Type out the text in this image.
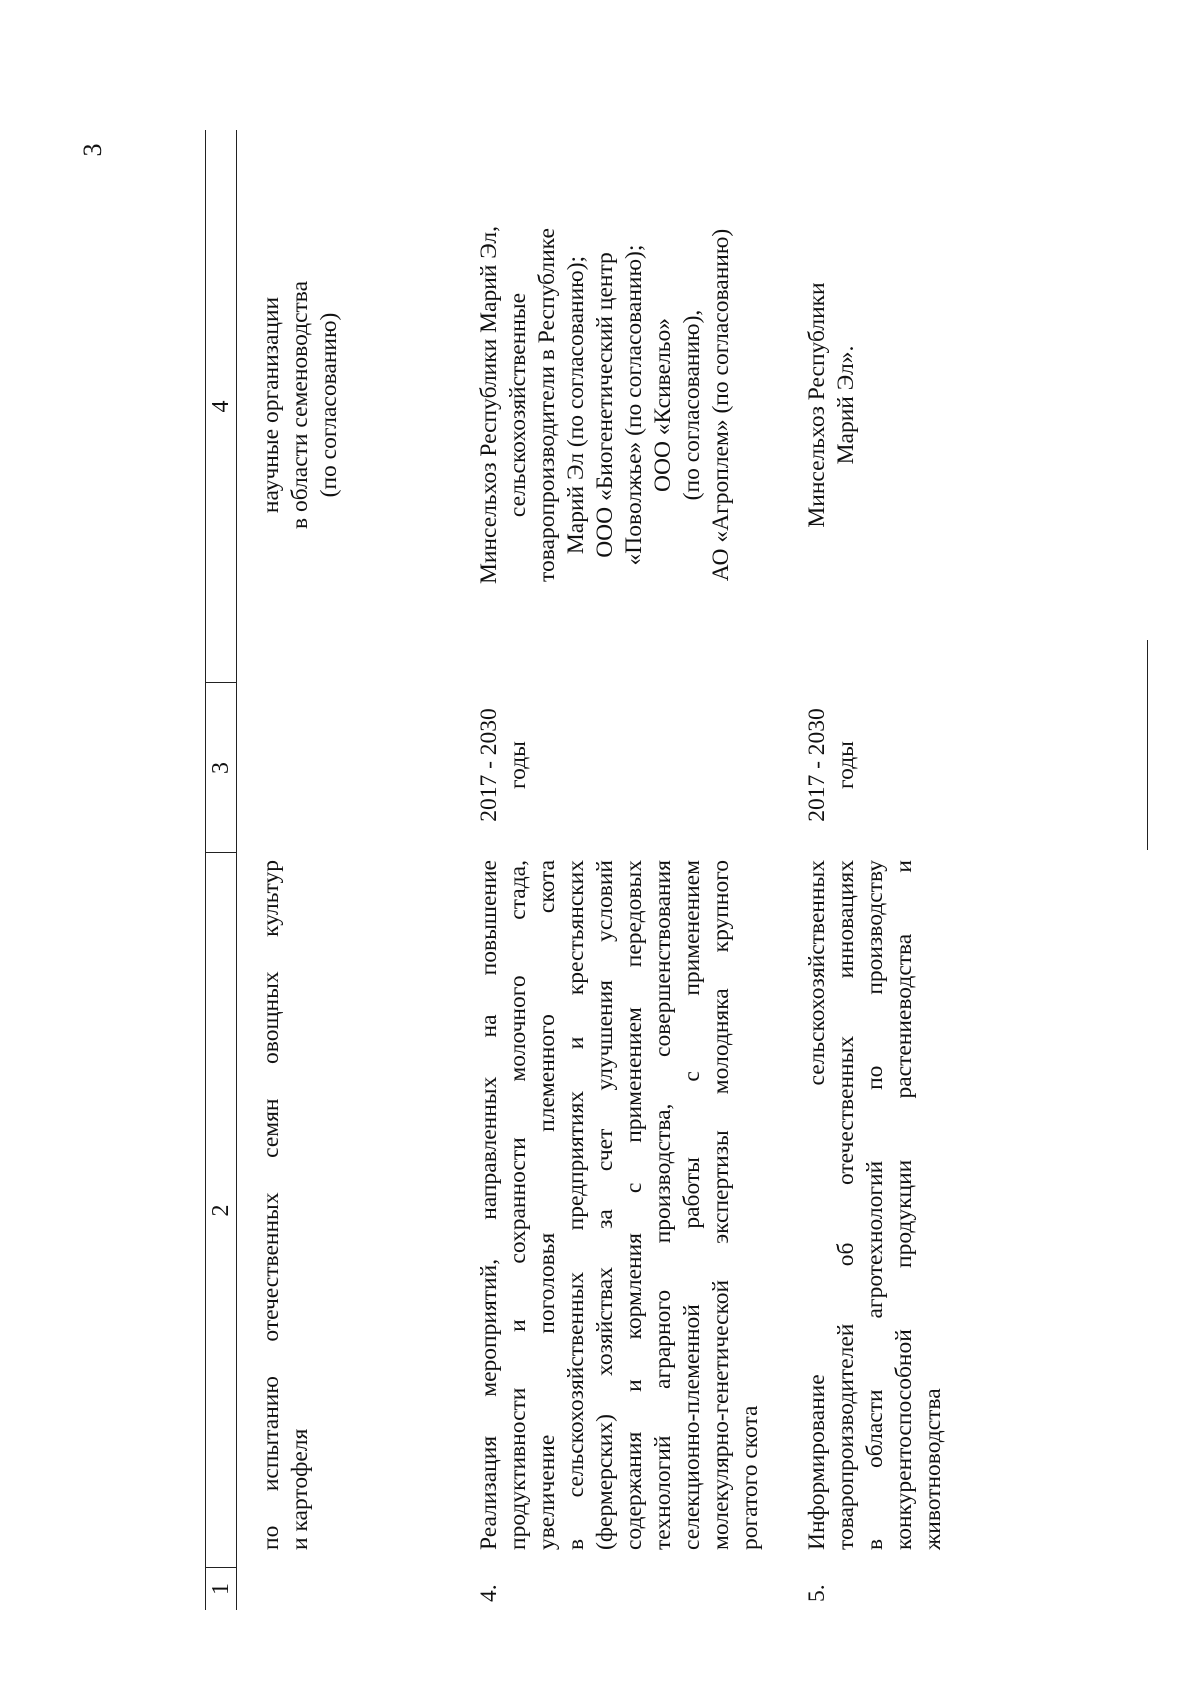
3
1
2
3
4
по испытанию отечественных семян овощных культур и картофеля
научные организации в области семеноводства (по согласованию)
4.
Реализация мероприятий, направленных на повышение продуктивности и сохранности молочного стада, увеличение поголовья племенного скота в сельскохозяйственных предприятиях и крестьянских (фермерских) хозяйствах за счет улучшения условий содержания и кормления с применением передовых технологий аграрного производства, совершенствования селекционно-племенной работы с применением молекулярно-генетической экспертизы молодняка крупного рогатого скота
2017 - 2030 годы
Минсельхоз Республики Марий Эл, сельскохозяйственные товаропроизводители в Республике Марий Эл (по согласованию); ООО «Биогенетический центр «Поволжье» (по согласованию); ООО «Ксивельо» (по согласованию), АО «Агроплем» (по согласованию)
5.
Информирование сельскохозяйственных товаропроизводителей об отечественных инновациях в области агротехнологий по производству конкурентоспособной продукции растениеводства и животноводства
2017 - 2030 годы
Минсельхоз Республики Марий Эл».
